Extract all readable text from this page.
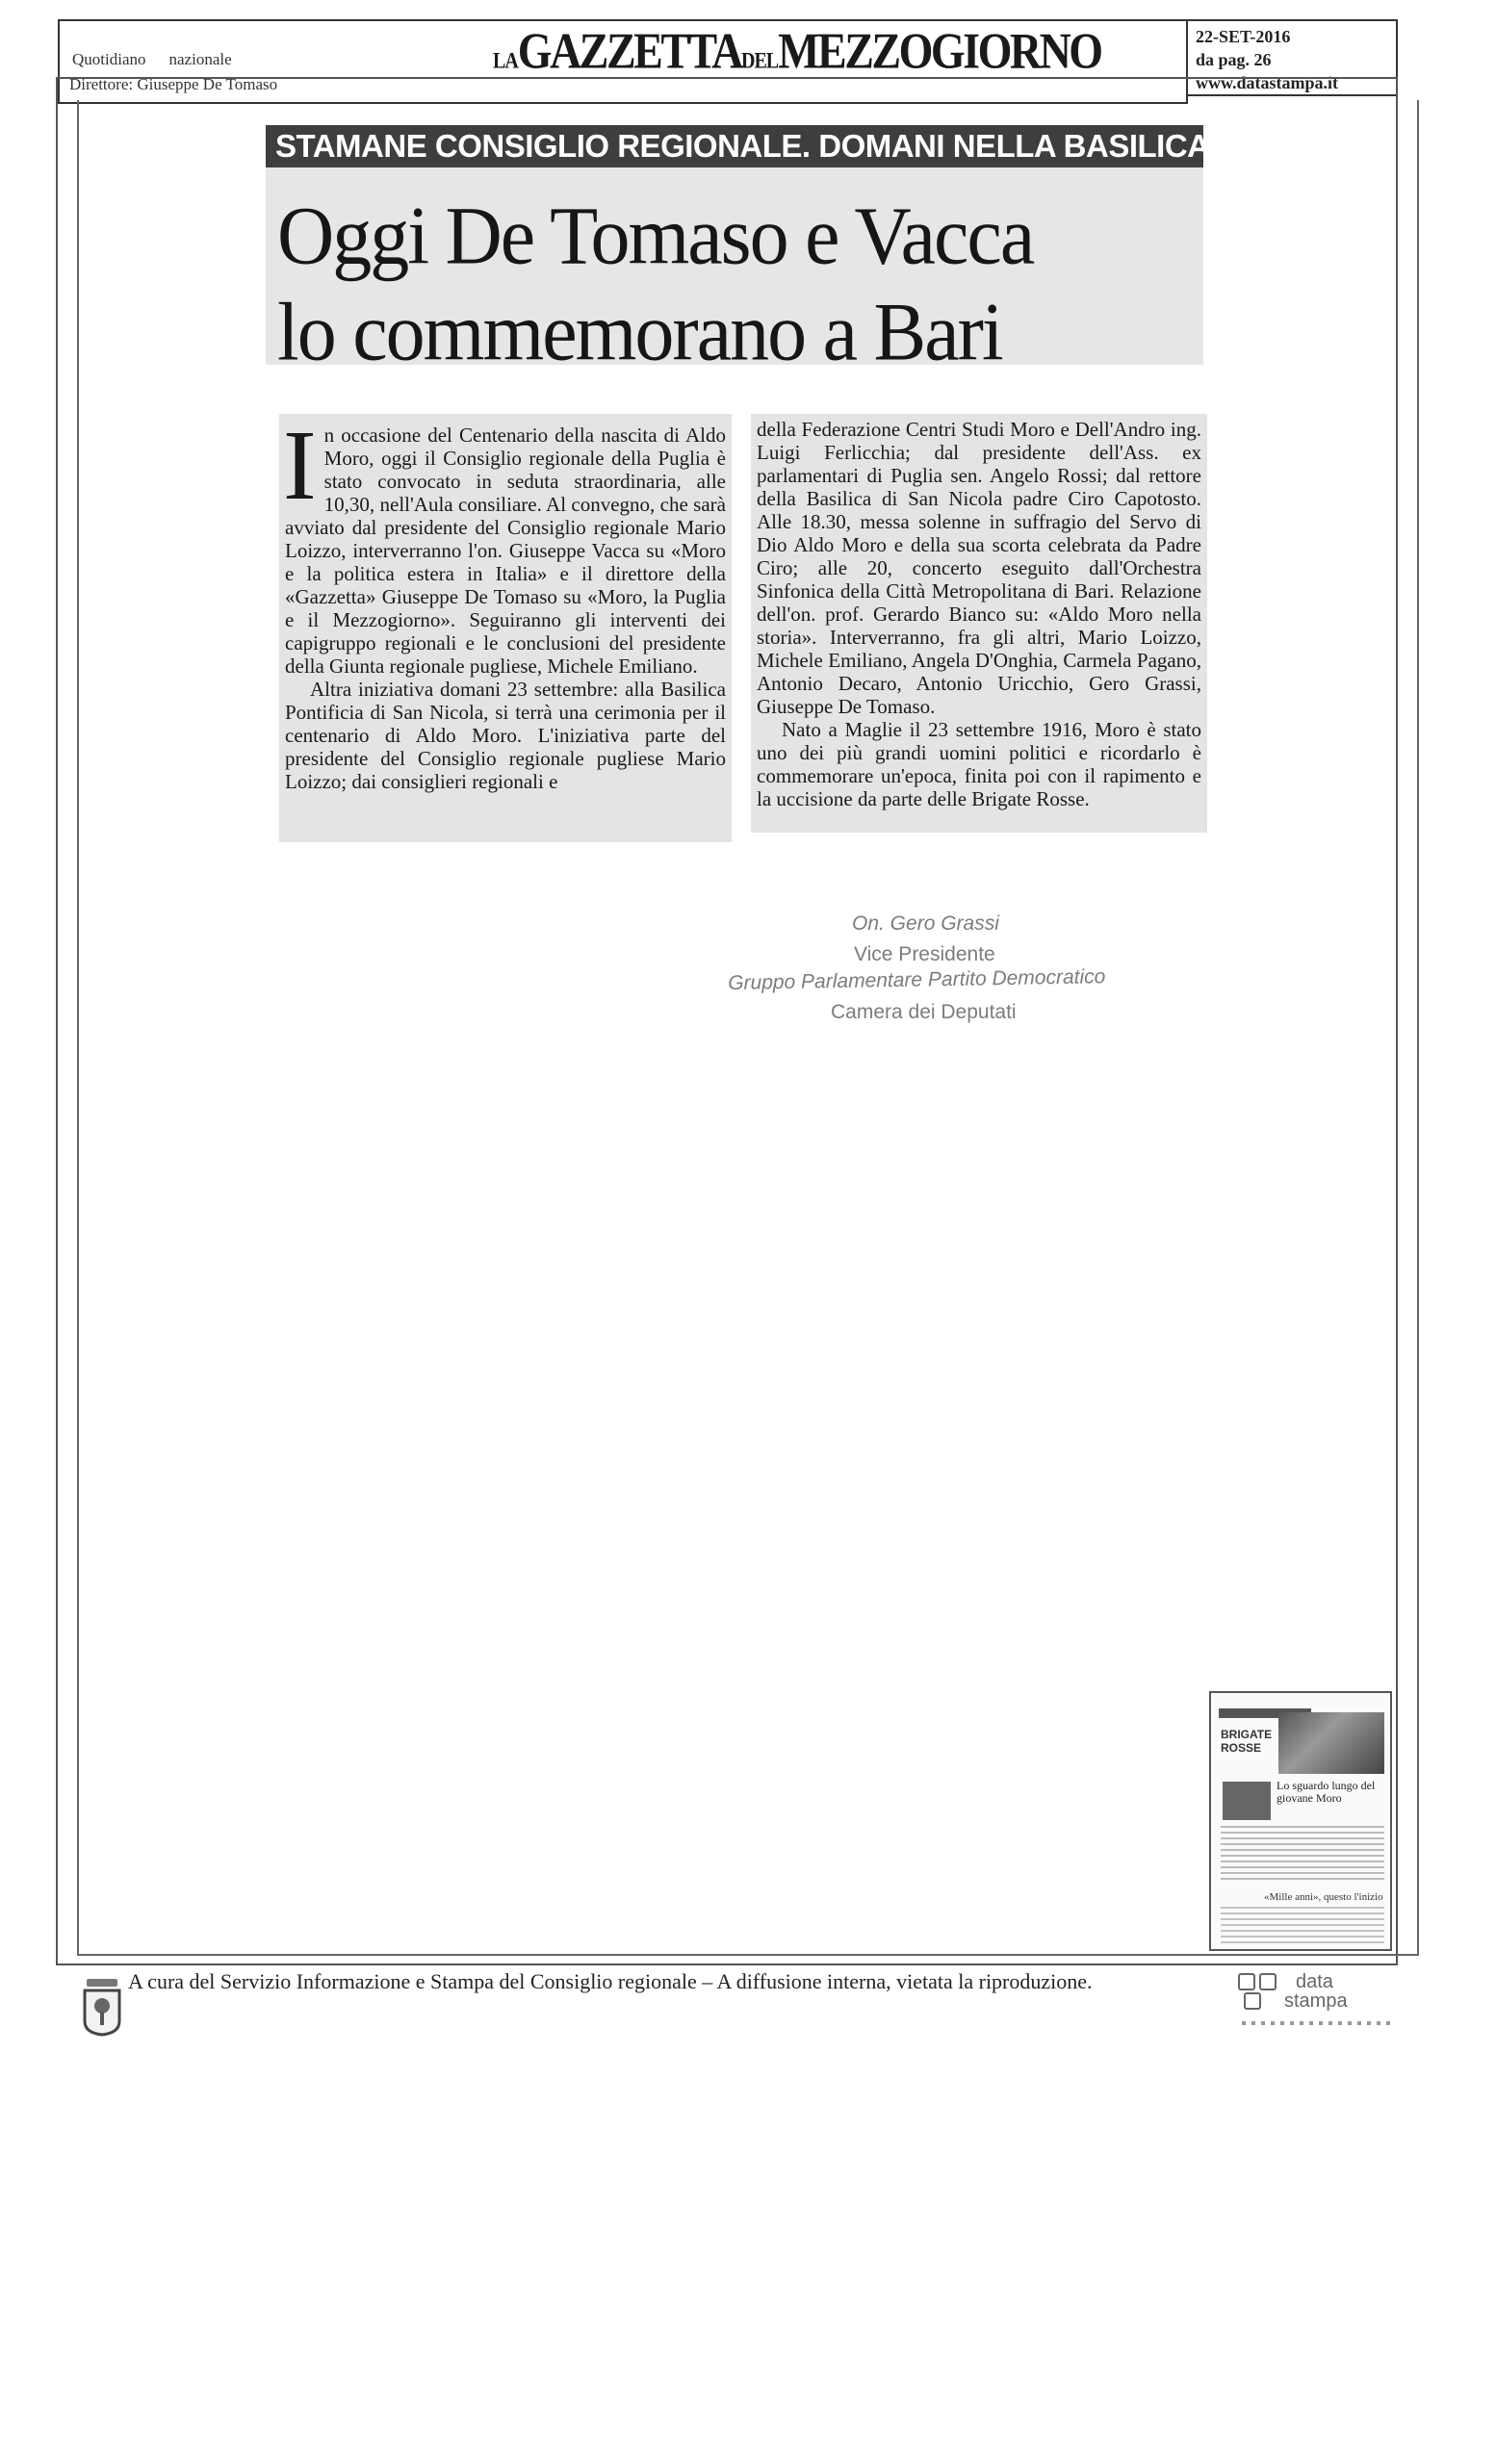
Quotidiano nazionale
Direttore: Giuseppe De Tomaso
LAGAZZETTADELMEZZOGIORNO	22-SET-2016
da pag. 26
www.datastampa.it
STAMANE CONSIGLIO REGIONALE. DOMANI NELLA BASILICA
Oggi De Tomaso e Vacca
lo commemorano a Bari
I n occasione del Centenario della nascita di Aldo Moro, oggi il Consiglio regionale della Puglia è stato convocato in seduta straordinaria, alle 10,30, nell'Aula consiliare. Al convegno, che sarà avviato dal presidente del Consiglio regionale Mario Loizzo, interverranno l'on. Giuseppe Vacca su «Moro e la politica estera in Italia» e il direttore della «Gazzetta» Giuseppe De Tomaso su «Moro, la Puglia e il Mezzogiorno». Seguiranno gli interventi dei capigruppo regionali e le conclusioni del presidente della Giunta regionale pugliese, Michele Emiliano.

Altra iniziativa domani 23 settembre: alla Basilica Pontificia di San Nicola, si terrà una cerimonia per il centenario di Aldo Moro. L'iniziativa parte del presidente del Consiglio regionale pugliese Mario Loizzo; dai consiglieri regionali e

della Federazione Centri Studi Moro e Dell'Andro ing. Luigi Ferlicchia; dal presidente dell'Ass. ex parlamentari di Puglia sen. Angelo Rossi; dal rettore della Basilica di San Nicola padre Ciro Capotosto. Alle 18.30, messa solenne in suffragio del Servo di Dio Aldo Moro e della sua scorta celebrata da Padre Ciro; alle 20, concerto eseguito dall'Orchestra Sinfonica della Città Metropolitana di Bari. Relazione dell'on. prof. Gerardo Bianco su: «Aldo Moro nella storia». Interverranno, fra gli altri, Mario Loizzo, Michele Emiliano, Angela D'Onghia, Carmela Pagano, Antonio Decaro, Antonio Uricchio, Gero Grassi, Giuseppe De Tomaso.

Nato a Maglie il 23 settembre 1916, Moro è stato uno dei più grandi uomini politici e ricordarlo è commemorare un'epoca, finita poi con il rapimento e la uccisione da parte delle Brigate Rosse.

On. Gero Grassi
Vice Presidente
Gruppo Parlamentare Partito Democratico
Camera dei Deputati
BRIGATE ROSSE
Lo sguardo lungo del giovane Moro
«Mille anni», questo l'inizio
A cura del Servizio Informazione e Stampa del Consiglio regionale – A diffusione interna, vietata la riproduzione.	data
stampa
